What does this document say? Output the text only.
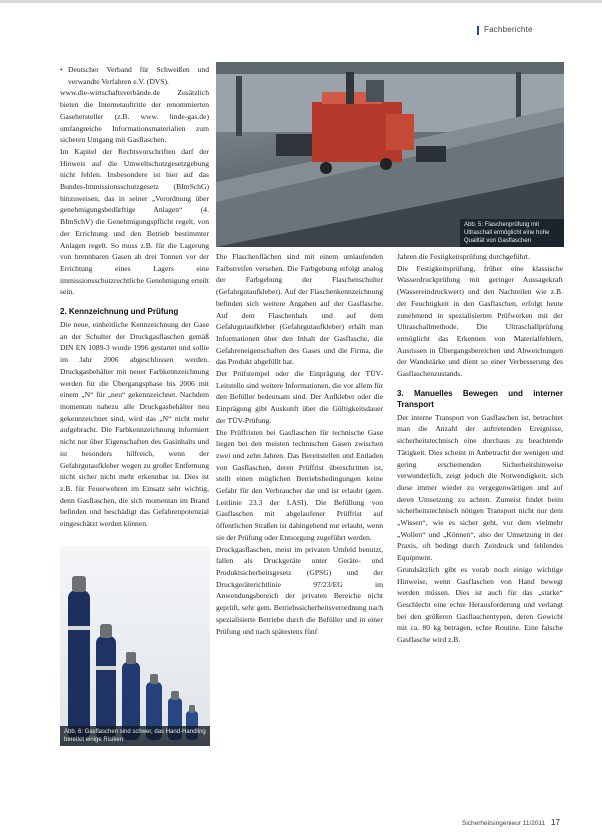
Fachberichte

• Deutscher Verband für Schweißen und verwandte Verfahren e.V. (DVS).

www.die-wirtschaftsverbände.de Zusätzlich bieten die Internetauftritte der renommierten Gasehersteller (z.B. www. linde-gas.de) umfangreiche Informationsmaterialien zum sicheren Umgang mit Gasflaschen.

Im Kapitel der Rechtsvorschriften darf der Hinweis auf die Umweltschutzgesetzgebung nicht fehlen. Insbesondere ist hier auf das Bundes-Immissionsschutzgesetz (BImSchG) hinzuweisen, das in seiner „Verordnung über genehmigungsbedürftige Anlagen“ (4. BImSchV) die Genehmigungspflicht regelt, von der Errichtung und den Betrieb bestimmter Anlagen regelt. So muss z.B. für die Lagerung von brennbaren Gasen ab drei Tonnen vor der Errichtung eines Lagers eine immissionsschutzrechtliche Genehmigung erteilt sein.

2. Kennzeichnung und Prüfung

Die neue, einheitliche Kennzeichnung der Gase an der Schulter der Druckgasflaschen gemäß DIN EN 1089-3 wurde 1996 gestartet und sollte im Jahr 2006 abgeschlossen werden. Druckgasbehälter mit neuer Farbkennzeichnung werden für die Übergangsphase bis 2006 mit einem „N“ für „neu“ gekennzeichnet. Nachdem momentan nahezu alle Druckgasbehälter neu gekennzeichnet sind, wird das „N“ nicht mehr aufgebracht. Die Farbkennzeichnung informiert nicht nur über Eigenschaften des Gasinhalts und ist besonders hilfreich, wenn der Gefahrgutaufkleber wegen zu großer Entfernung nicht sicher nicht mehr erkennbar ist. Dies ist z.B. für Feuerwehren im Einsatz sehr wichtig, denn Gasflaschen, die sich momentan im Brand befinden und beschädigt das Gefahrenpotenzial eingeschätzt werden können.

Abb. 5: Flaschenprüfung mit Ultraschall ermöglicht eine hohe Qualität von Gasflaschen

Die Flaschenflächen sind mit einem umlaufenden Farbstreifen versehen. Die Farbgebung erfolgt analog der Farbgebung der Flaschenschulter (Gefahrgutaufkleber). Auf der Flaschenkennzeichnung befinden sich weitere Angaben auf der Gasflasche. Auf dem Flaschenhals und auf dem Gefahrgutaufkleber (Gefahrgutaufkleber) erhält man Informationen über den Inhalt der Gasflasche, die Gefahreneigenschaften des Gases und die Firma, die das Produkt abgefüllt hat.

Der Prüfstempel oder die Einprägung der TÜV-Leitstelle sind weitere Informationen, die vor allem für den Befüller bedeutsam sind. Der Aufkleber oder die Einprägung gibt Auskunft über die Gültigkeitsdauer der TÜV-Prüfung.

Die Prüffristen bei Gasflaschen für technische Gase liegen bei den meisten technischen Gasen zwischen zwei und zehn Jahren. Das Bereitstellen und Entladen von Gasflaschen, deren Prüffrist überschritten ist, stellt einen möglichen Betriebsbedingungen keine Gefahr für den Verbraucher dar und ist erlaubt (gem. Leitlinie 23.3 der LASI). Die Befüllung von Gasflaschen mit abgelaufener Prüffrist auf öffentlichen Straßen ist dahingehend nur erlaubt, wenn sie der Prüfung oder Entsorgung zugeführt werden.

Druckgasflaschen, meist im privaten Umfeld benutzt, fallen als Druckgeräte unter Geräte- und Produktsicherheitsgesetz (GPSG) und der Druckgeräterichtlinie 97/23/EG im Anwendungsbereich der privaten Bereiche nicht geprüft, sehr gem. Betriebssicherheitsverordnung nach spezialisierte Betriebe durch die Befüller und in einer Prüfung und nach spätestens fünf

Jahren die Festigkeitsprüfung durchgeführt.

Die Festigkeitsprüfung, früher eine klassische Wasserdruckprüfung mit geringer Aussagekraft (Wassereindruckwert) und den Nachteilen wie z.B. der Feuchtigkeit in den Gasflaschen, erfolgt heute zunehmend in spezialisierten Prüfwerken mit der Ultraschallmethode. Die Ultraschallprüfung ermöglicht das Erkennen von Materialfehlern, Ausrissen in Übergangsbereichen und Abweichungen der Wandstärke und dient so einer Verbesserung des Gasflaschenzustands.

3. Manuelles Bewegen und interner Transport

Der interne Transport von Gasflaschen ist, betrachtet man die Anzahl der auftretenden Ereignisse, sicherheitstechnisch eine durchaus zu beachtende Tätigkeit. Dies scheint in Anbetracht der wenigen und gering erscheinenden Sicherheitshinweise verwunderlich, zeigt jedoch die Notwendigkeit, sich diese immer wieder zu vergegenwärtigen und auf deren Umsetzung zu achten. Zumeist findet beim sicherheitstechnisch nötigen Transport nicht nur dem „Wissen“, wie es sicher geht, vor dem vielmehr „Wollen“ und „Können“, also der Umsetzung in der Praxis, oft bedingt durch Zeitdruck und fehlendes Equipment.

Grundsätzlich gibt es vorab noch einige wichtige Hinweise, wenn Gasflaschen von Hand bewegt werden müssen. Dies ist auch für das „starke“ Geschlecht eine echte Herausforderung und verlangt bei den größeren Gasflaschentypen, deren Gewicht mit ca. 80 kg betragen, echte Routine. Eine falsche Gasflasche wird z.B.

Abb. 6: Gasflaschen sind schwer, das Hand-Handling bereitet einige Risiken
Sicherheitsingenieur 11/2011 17
